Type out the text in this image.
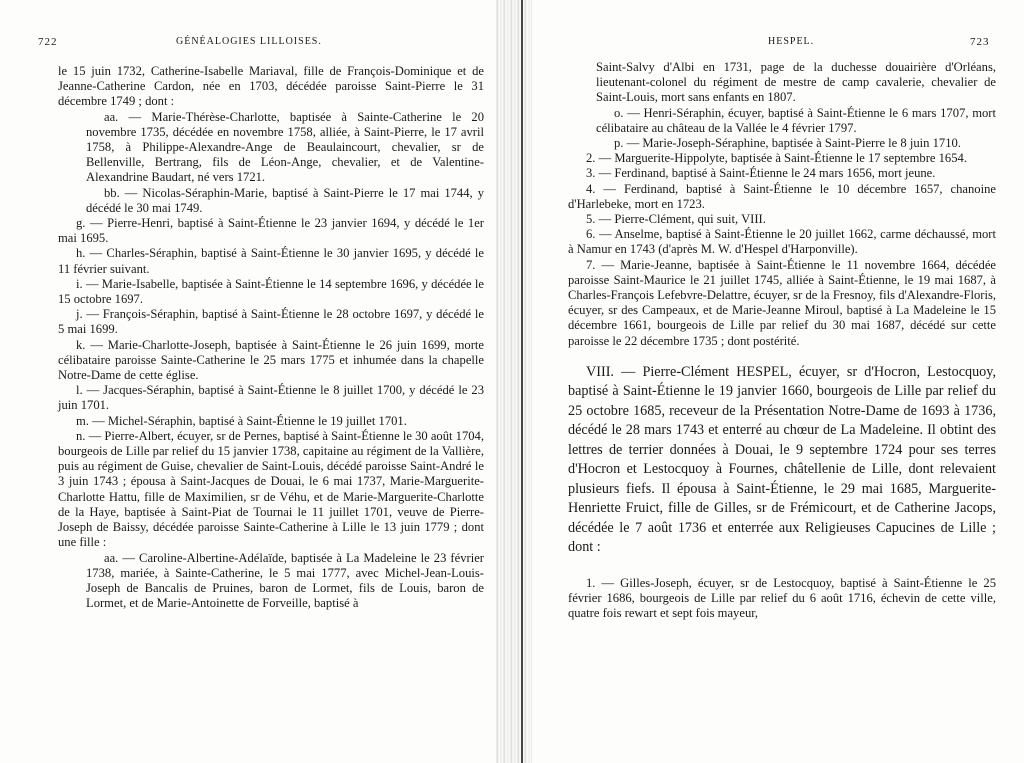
722	GÉNÉALOGIES LILLOISES.

le 15 juin 1732, Catherine-Isabelle Mariaval, fille de François-Dominique et de Jeanne-Catherine Cardon, née en 1703, décédée paroisse Saint-Pierre le 31 décembre 1749 ; dont :

aa. — Marie-Thérèse-Charlotte, baptisée à Sainte-Catherine le 20 novembre 1735, décédée en novembre 1758, alliée, à Saint-Pierre, le 17 avril 1758, à Philippe-Alexandre-Ange de Beaulaincourt, chevalier, sr de Bellenville, Bertrang, fils de Léon-Ange, chevalier, et de Valentine-Alexandrine Baudart, né vers 1721.

bb. — Nicolas-Séraphin-Marie, baptisé à Saint-Pierre le 17 mai 1744, y décédé le 30 mai 1749.

g. — Pierre-Henri, baptisé à Saint-Étienne le 23 janvier 1694, y décédé le 1er mai 1695.

h. — Charles-Séraphin, baptisé à Saint-Étienne le 30 janvier 1695, y décédé le 11 février suivant.

i. — Marie-Isabelle, baptisée à Saint-Étienne le 14 septembre 1696, y décédée le 15 octobre 1697.

j. — François-Séraphin, baptisé à Saint-Étienne le 28 octobre 1697, y décédé le 5 mai 1699.

k. — Marie-Charlotte-Joseph, baptisée à Saint-Étienne le 26 juin 1699, morte célibataire paroisse Sainte-Catherine le 25 mars 1775 et inhumée dans la chapelle Notre-Dame de cette église.

l. — Jacques-Séraphin, baptisé à Saint-Étienne le 8 juillet 1700, y décédé le 23 juin 1701.

m. — Michel-Séraphin, baptisé à Saint-Étienne le 19 juillet 1701.

n. — Pierre-Albert, écuyer, sr de Pernes, baptisé à Saint-Étienne le 30 août 1704, bourgeois de Lille par relief du 15 janvier 1738, capitaine au régiment de la Vallière, puis au régiment de Guise, chevalier de Saint-Louis, décédé paroisse Saint-André le 3 juin 1743 ; épousa à Saint-Jacques de Douai, le 6 mai 1737, Marie-Marguerite-Charlotte Hattu, fille de Maximilien, sr de Véhu, et de Marie-Marguerite-Charlotte de la Haye, baptisée à Saint-Piat de Tournai le 11 juillet 1701, veuve de Pierre-Joseph de Baissy, décédée paroisse Sainte-Catherine à Lille le 13 juin 1779 ; dont une fille :

aa. — Caroline-Albertine-Adélaïde, baptisée à La Madeleine le 23 février 1738, mariée, à Sainte-Catherine, le 5 mai 1777, avec Michel-Jean-Louis-Joseph de Bancalis de Pruines, baron de Lormet, fils de Louis, baron de Lormet, et de Marie-Antoinette de Forveille, baptisé à

HESPEL.	723

Saint-Salvy d'Albi en 1731, page de la duchesse douairière d'Orléans, lieutenant-colonel du régiment de mestre de camp cavalerie, chevalier de Saint-Louis, mort sans enfants en 1807.

o. — Henri-Séraphin, écuyer, baptisé à Saint-Étienne le 6 mars 1707, mort célibataire au château de la Vallée le 4 février 1797.

p. — Marie-Joseph-Séraphine, baptisée à Saint-Pierre le 8 juin 1710.

2. — Marguerite-Hippolyte, baptisée à Saint-Étienne le 17 septembre 1654.

3. — Ferdinand, baptisé à Saint-Étienne le 24 mars 1656, mort jeune.

4. — Ferdinand, baptisé à Saint-Étienne le 10 décembre 1657, chanoine d'Harlebeke, mort en 1723.

5. — Pierre-Clément, qui suit, VIII.

6. — Anselme, baptisé à Saint-Étienne le 20 juillet 1662, carme déchaussé, mort à Namur en 1743 (d'après M. W. d'Hespel d'Harponville).

7. — Marie-Jeanne, baptisée à Saint-Étienne le 11 novembre 1664, décédée paroisse Saint-Maurice le 21 juillet 1745, alliée à Saint-Étienne, le 19 mai 1687, à Charles-François Lefebvre-Delattre, écuyer, sr de la Fresnoy, fils d'Alexandre-Floris, écuyer, sr des Campeaux, et de Marie-Jeanne Miroul, baptisé à La Madeleine le 15 décembre 1661, bourgeois de Lille par relief du 30 mai 1687, décédé sur cette paroisse le 22 décembre 1735 ; dont postérité.

VIII. — Pierre-Clément HESPEL, écuyer, sr d'Hocron, Lestocquoy, baptisé à Saint-Étienne le 19 janvier 1660, bourgeois de Lille par relief du 25 octobre 1685, receveur de la Présentation Notre-Dame de 1693 à 1736, décédé le 28 mars 1743 et enterré au chœur de La Madeleine. Il obtint des lettres de terrier données à Douai, le 9 septembre 1724 pour ses terres d'Hocron et Lestocquoy à Fournes, châtellenie de Lille, dont relevaient plusieurs fiefs. Il épousa à Saint-Étienne, le 29 mai 1685, Marguerite-Henriette Fruict, fille de Gilles, sr de Frémicourt, et de Catherine Jacops, décédée le 7 août 1736 et enterrée aux Religieuses Capucines de Lille ; dont :

1. — Gilles-Joseph, écuyer, sr de Lestocquoy, baptisé à Saint-Étienne le 25 février 1686, bourgeois de Lille par relief du 6 août 1716, échevin de cette ville, quatre fois rewart et sept fois mayeur,
